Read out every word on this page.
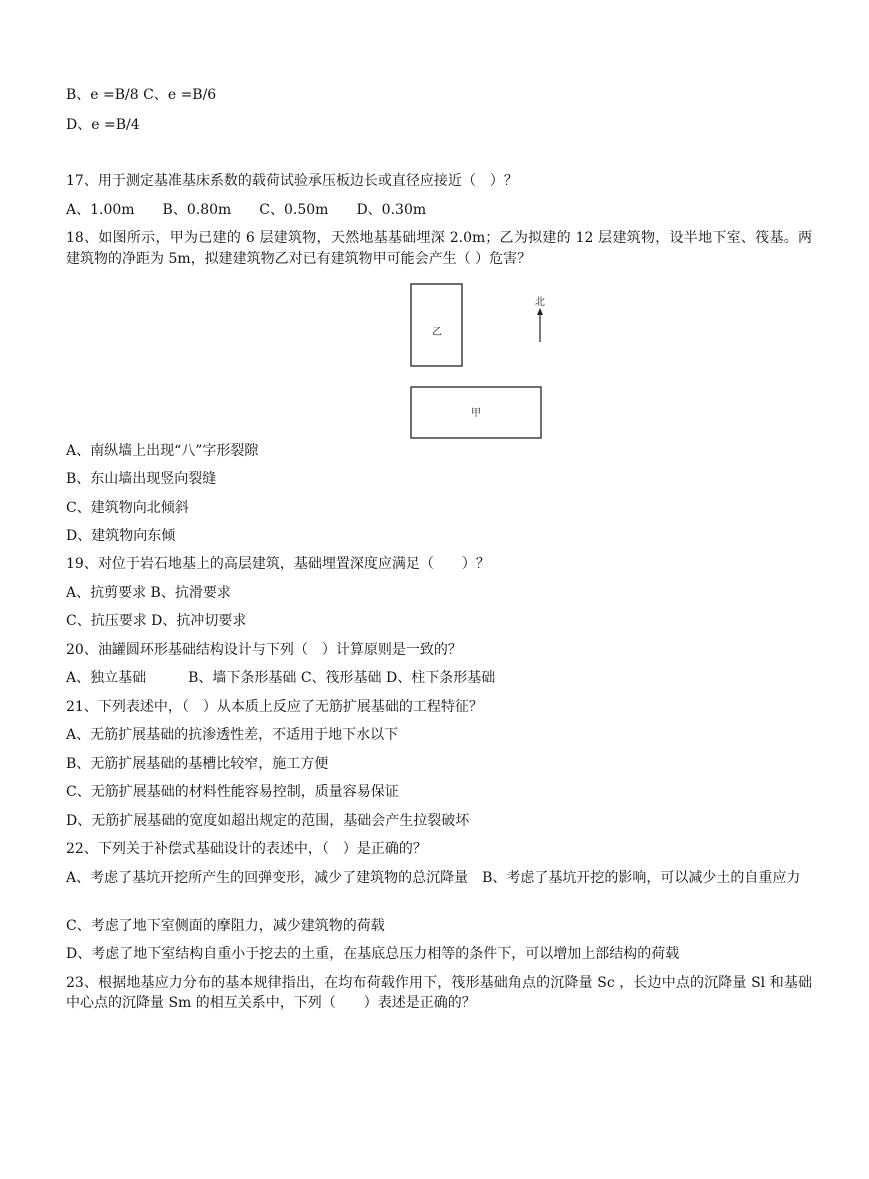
B、e =B/8 C、e =B/6

D、e =B/4

17、用于测定基准基床系数的载荷试验承压板边长或直径应接近（　）？

A、1.00m　　B、0.80m　　C、0.50m　　D、0.30m

18、如图所示，甲为已建的 6 层建筑物，天然地基基础埋深 2.0m；乙为拟建的 12 层建筑物，设半地下室、筏基。两建筑物的净距为 5m，拟建建筑物乙对已有建筑物甲可能会产生（ ）危害？

乙
甲
北

A、南纵墙上出现“八”字形裂隙

B、东山墙出现竖向裂缝

C、建筑物向北倾斜

D、建筑物向东倾

19、对位于岩石地基上的高层建筑，基础埋置深度应满足（　　）？

A、抗剪要求 B、抗滑要求

C、抗压要求 D、抗冲切要求

20、油罐圆环形基础结构设计与下列（　）计算原则是一致的？

A、独立基础　　　B、墙下条形基础 C、筏形基础 D、柱下条形基础

21、下列表述中，（　）从本质上反应了无筋扩展基础的工程特征？

A、无筋扩展基础的抗渗透性差，不适用于地下水以下

B、无筋扩展基础的基槽比较窄，施工方便

C、无筋扩展基础的材料性能容易控制，质量容易保证

D、无筋扩展基础的宽度如超出规定的范围，基础会产生拉裂破坏

22、下列关于补偿式基础设计的表述中，（　）是正确的？

A、考虑了基坑开挖所产生的回弹变形，减少了建筑物的总沉降量　B、考虑了基坑开挖的影响，可以减少土的自重应力

C、考虑了地下室侧面的摩阻力，减少建筑物的荷载

D、考虑了地下室结构自重小于挖去的土重，在基底总压力相等的条件下，可以增加上部结构的荷载

23、根据地基应力分布的基本规律指出，在均布荷载作用下，筏形基础角点的沉降量 Sc ，长边中点的沉降量 Sl 和基础中心点的沉降量 Sm 的相互关系中，下列（　　）表述是正确的？
